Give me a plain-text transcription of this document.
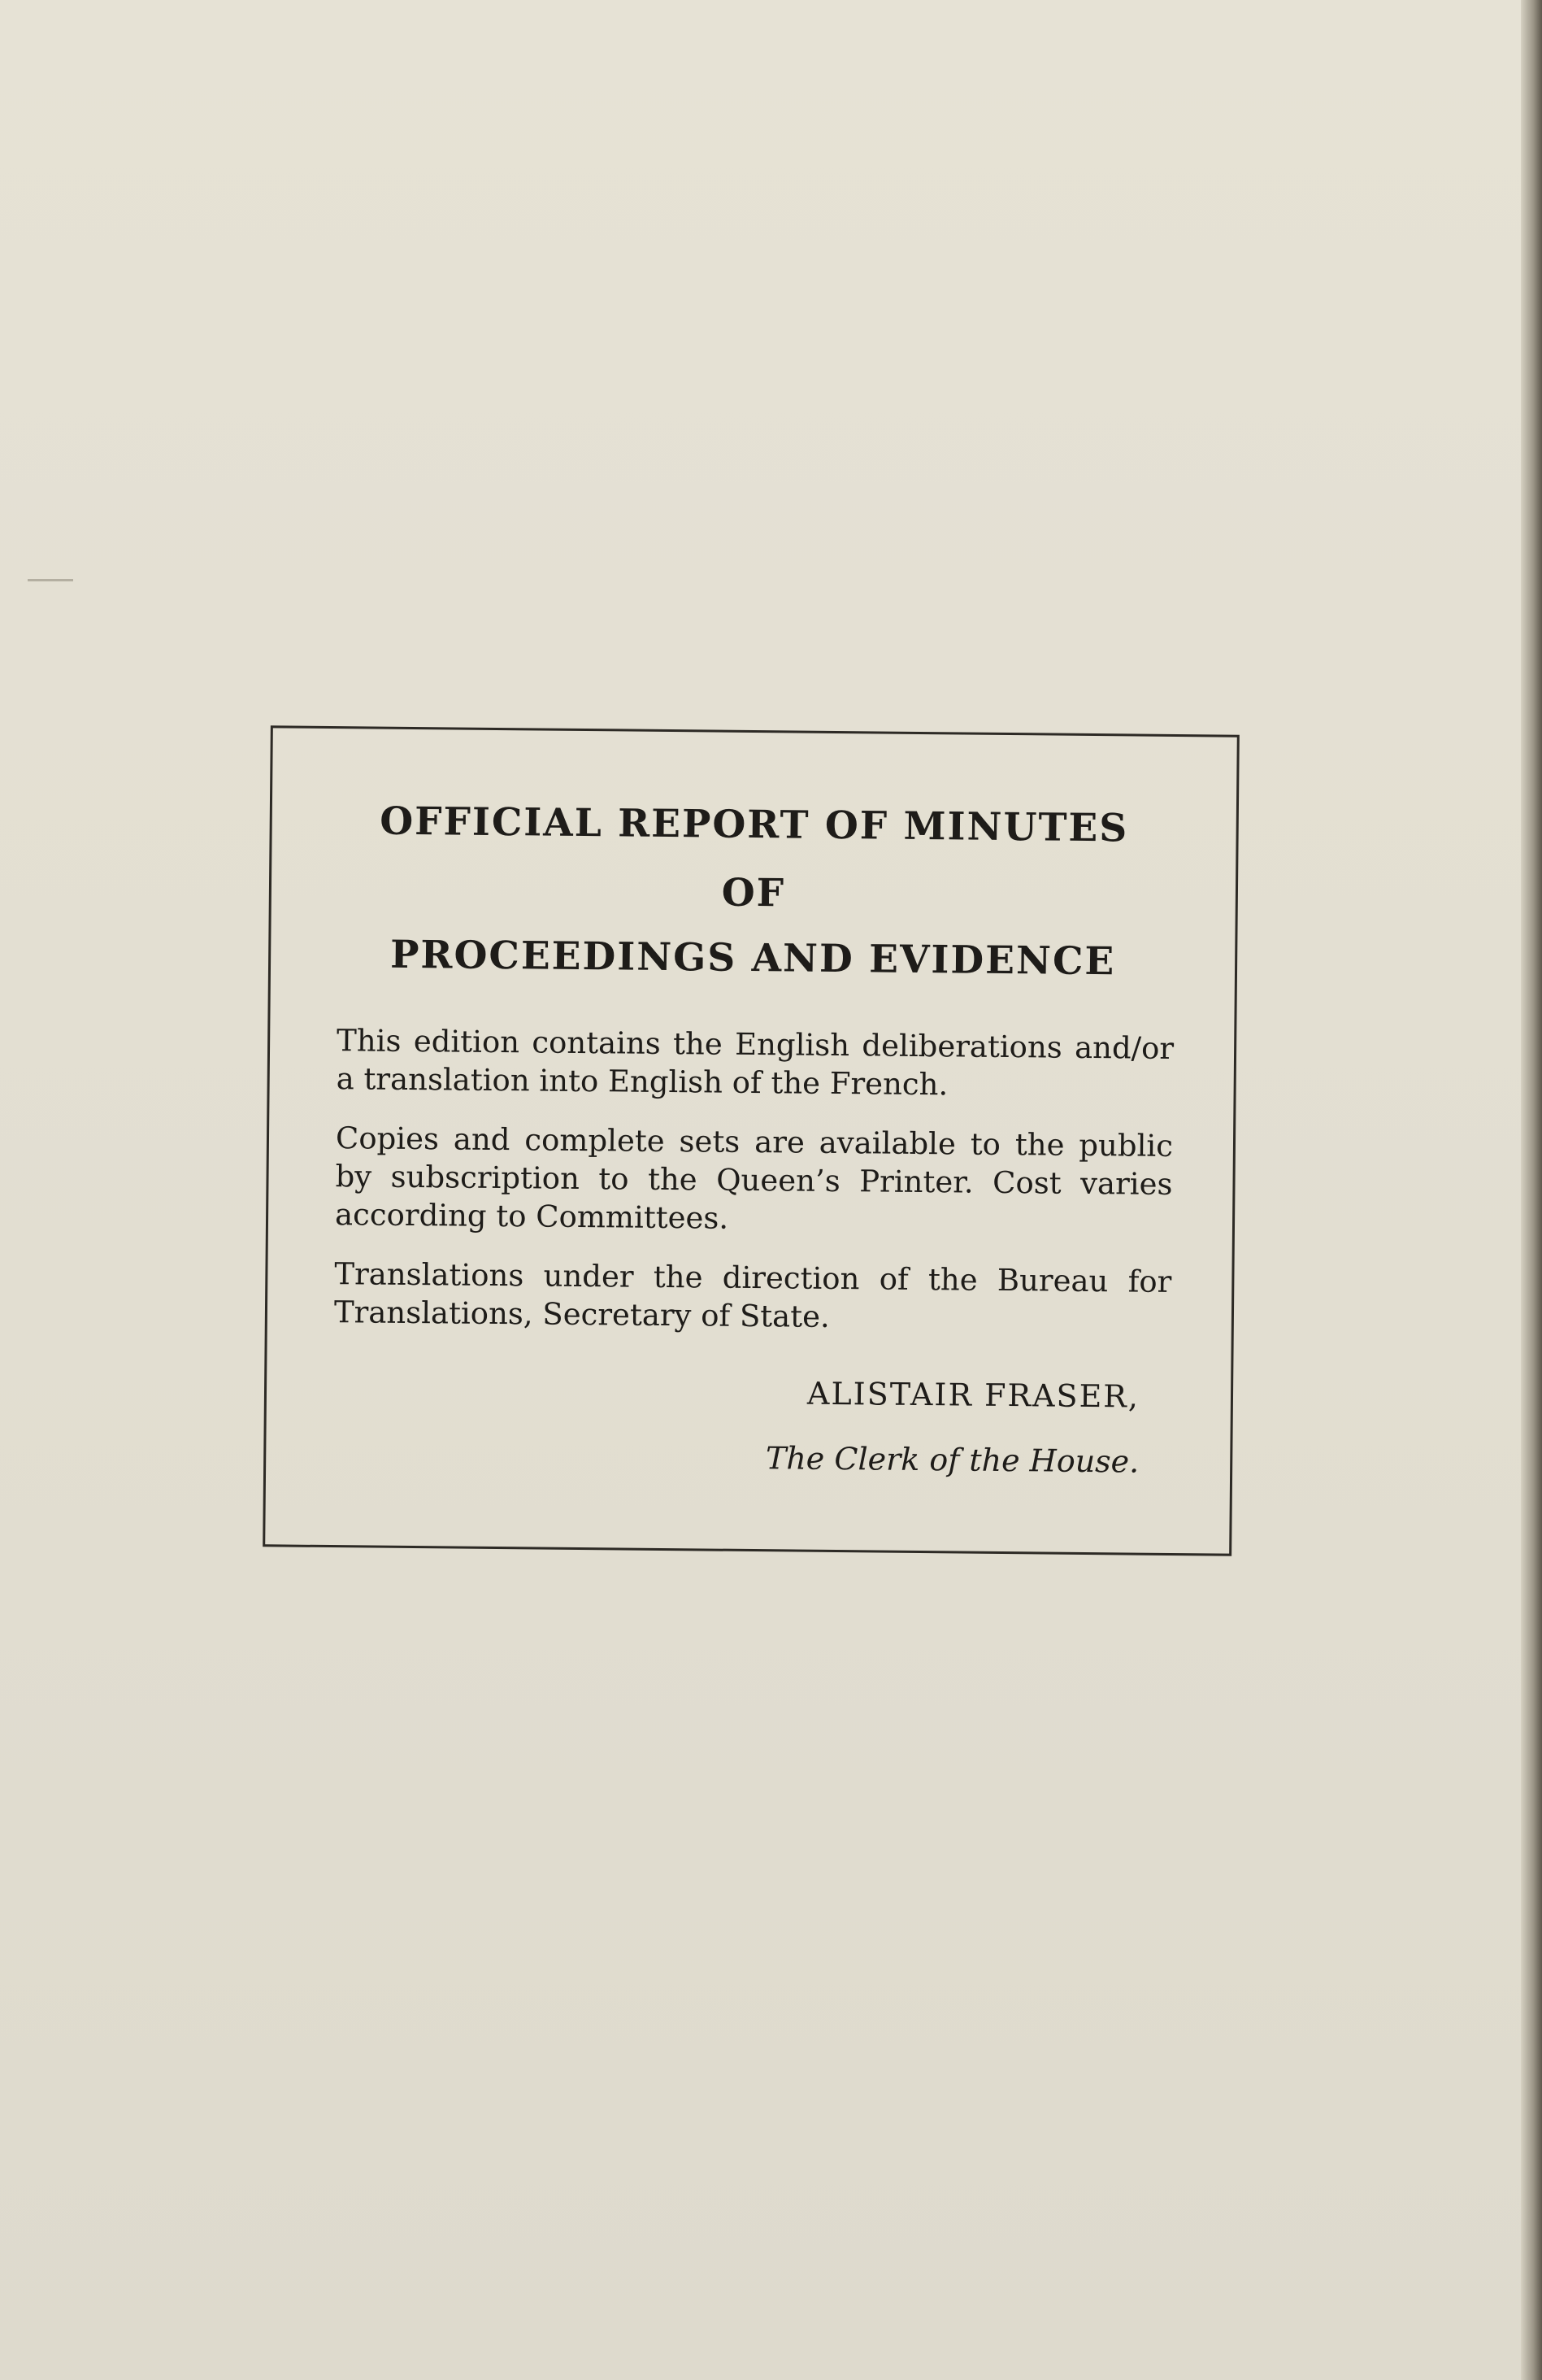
OFFICIAL REPORT OF MINUTES
OF
PROCEEDINGS AND EVIDENCE

This edition contains the English deliberations and/or a translation into English of the French.

Copies and complete sets are available to the public by subscription to the Queen’s Printer. Cost varies according to Committees.

Translations under the direction of the Bureau for Translations, Secretary of State.

ALISTAIR FRASER,

The Clerk of the House.
